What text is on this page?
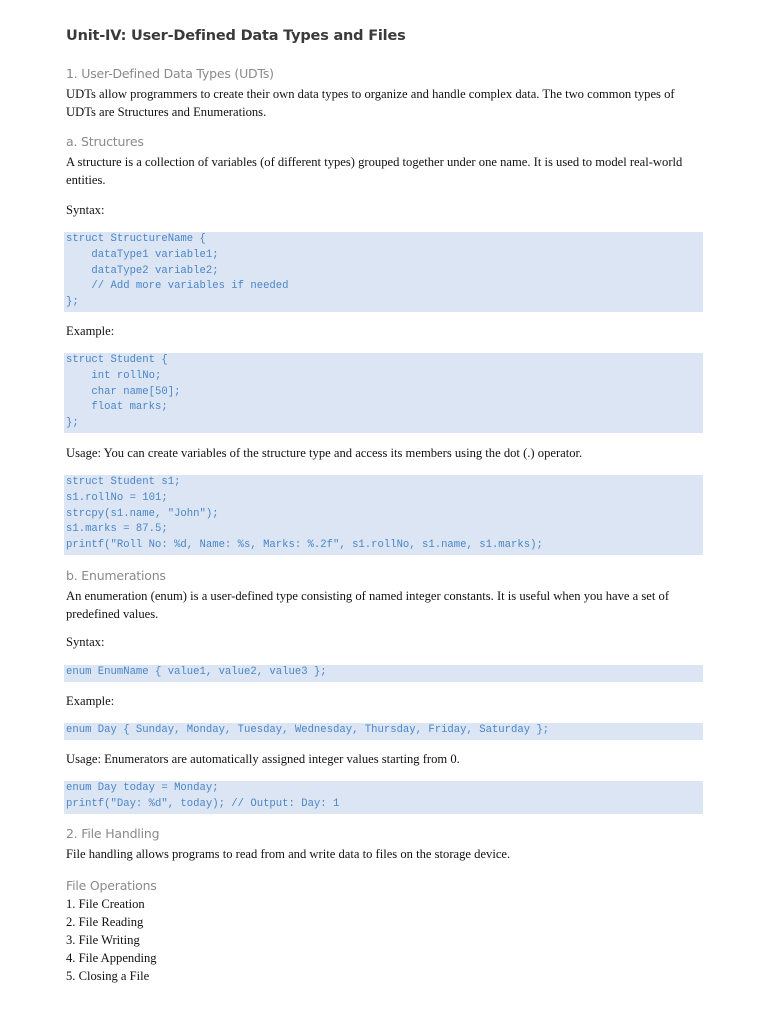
Unit-IV: User-Defined Data Types and Files
1. User-Defined Data Types (UDTs)
UDTs allow programmers to create their own data types to organize and handle complex data. The two common types of UDTs are Structures and Enumerations.
a. Structures
A structure is a collection of variables (of different types) grouped together under one name. It is used to model real-world entities.
Syntax:
struct StructureName {
dataType1 variable1;
dataType2 variable2;
// Add more variables if needed
};
Example:
struct Student {
int rollNo;
char name[50];
float marks;
};
Usage: You can create variables of the structure type and access its members using the dot (.) operator.
struct Student s1;
s1.rollNo = 101;
strcpy(s1.name, "John");
s1.marks = 87.5;
printf("Roll No: %d, Name: %s, Marks: %.2f", s1.rollNo, s1.name, s1.marks);
b. Enumerations
An enumeration (enum) is a user-defined type consisting of named integer constants. It is useful when you have a set of predefined values.
Syntax:
enum EnumName { value1, value2, value3 };
Example:
enum Day { Sunday, Monday, Tuesday, Wednesday, Thursday, Friday, Saturday };
Usage: Enumerators are automatically assigned integer values starting from 0.
enum Day today = Monday;
printf("Day: %d", today); // Output: Day: 1
2. File Handling
File handling allows programs to read from and write data to files on the storage device.
File Operations
1. File Creation
2. File Reading
3. File Writing
4. File Appending
5. Closing a File
